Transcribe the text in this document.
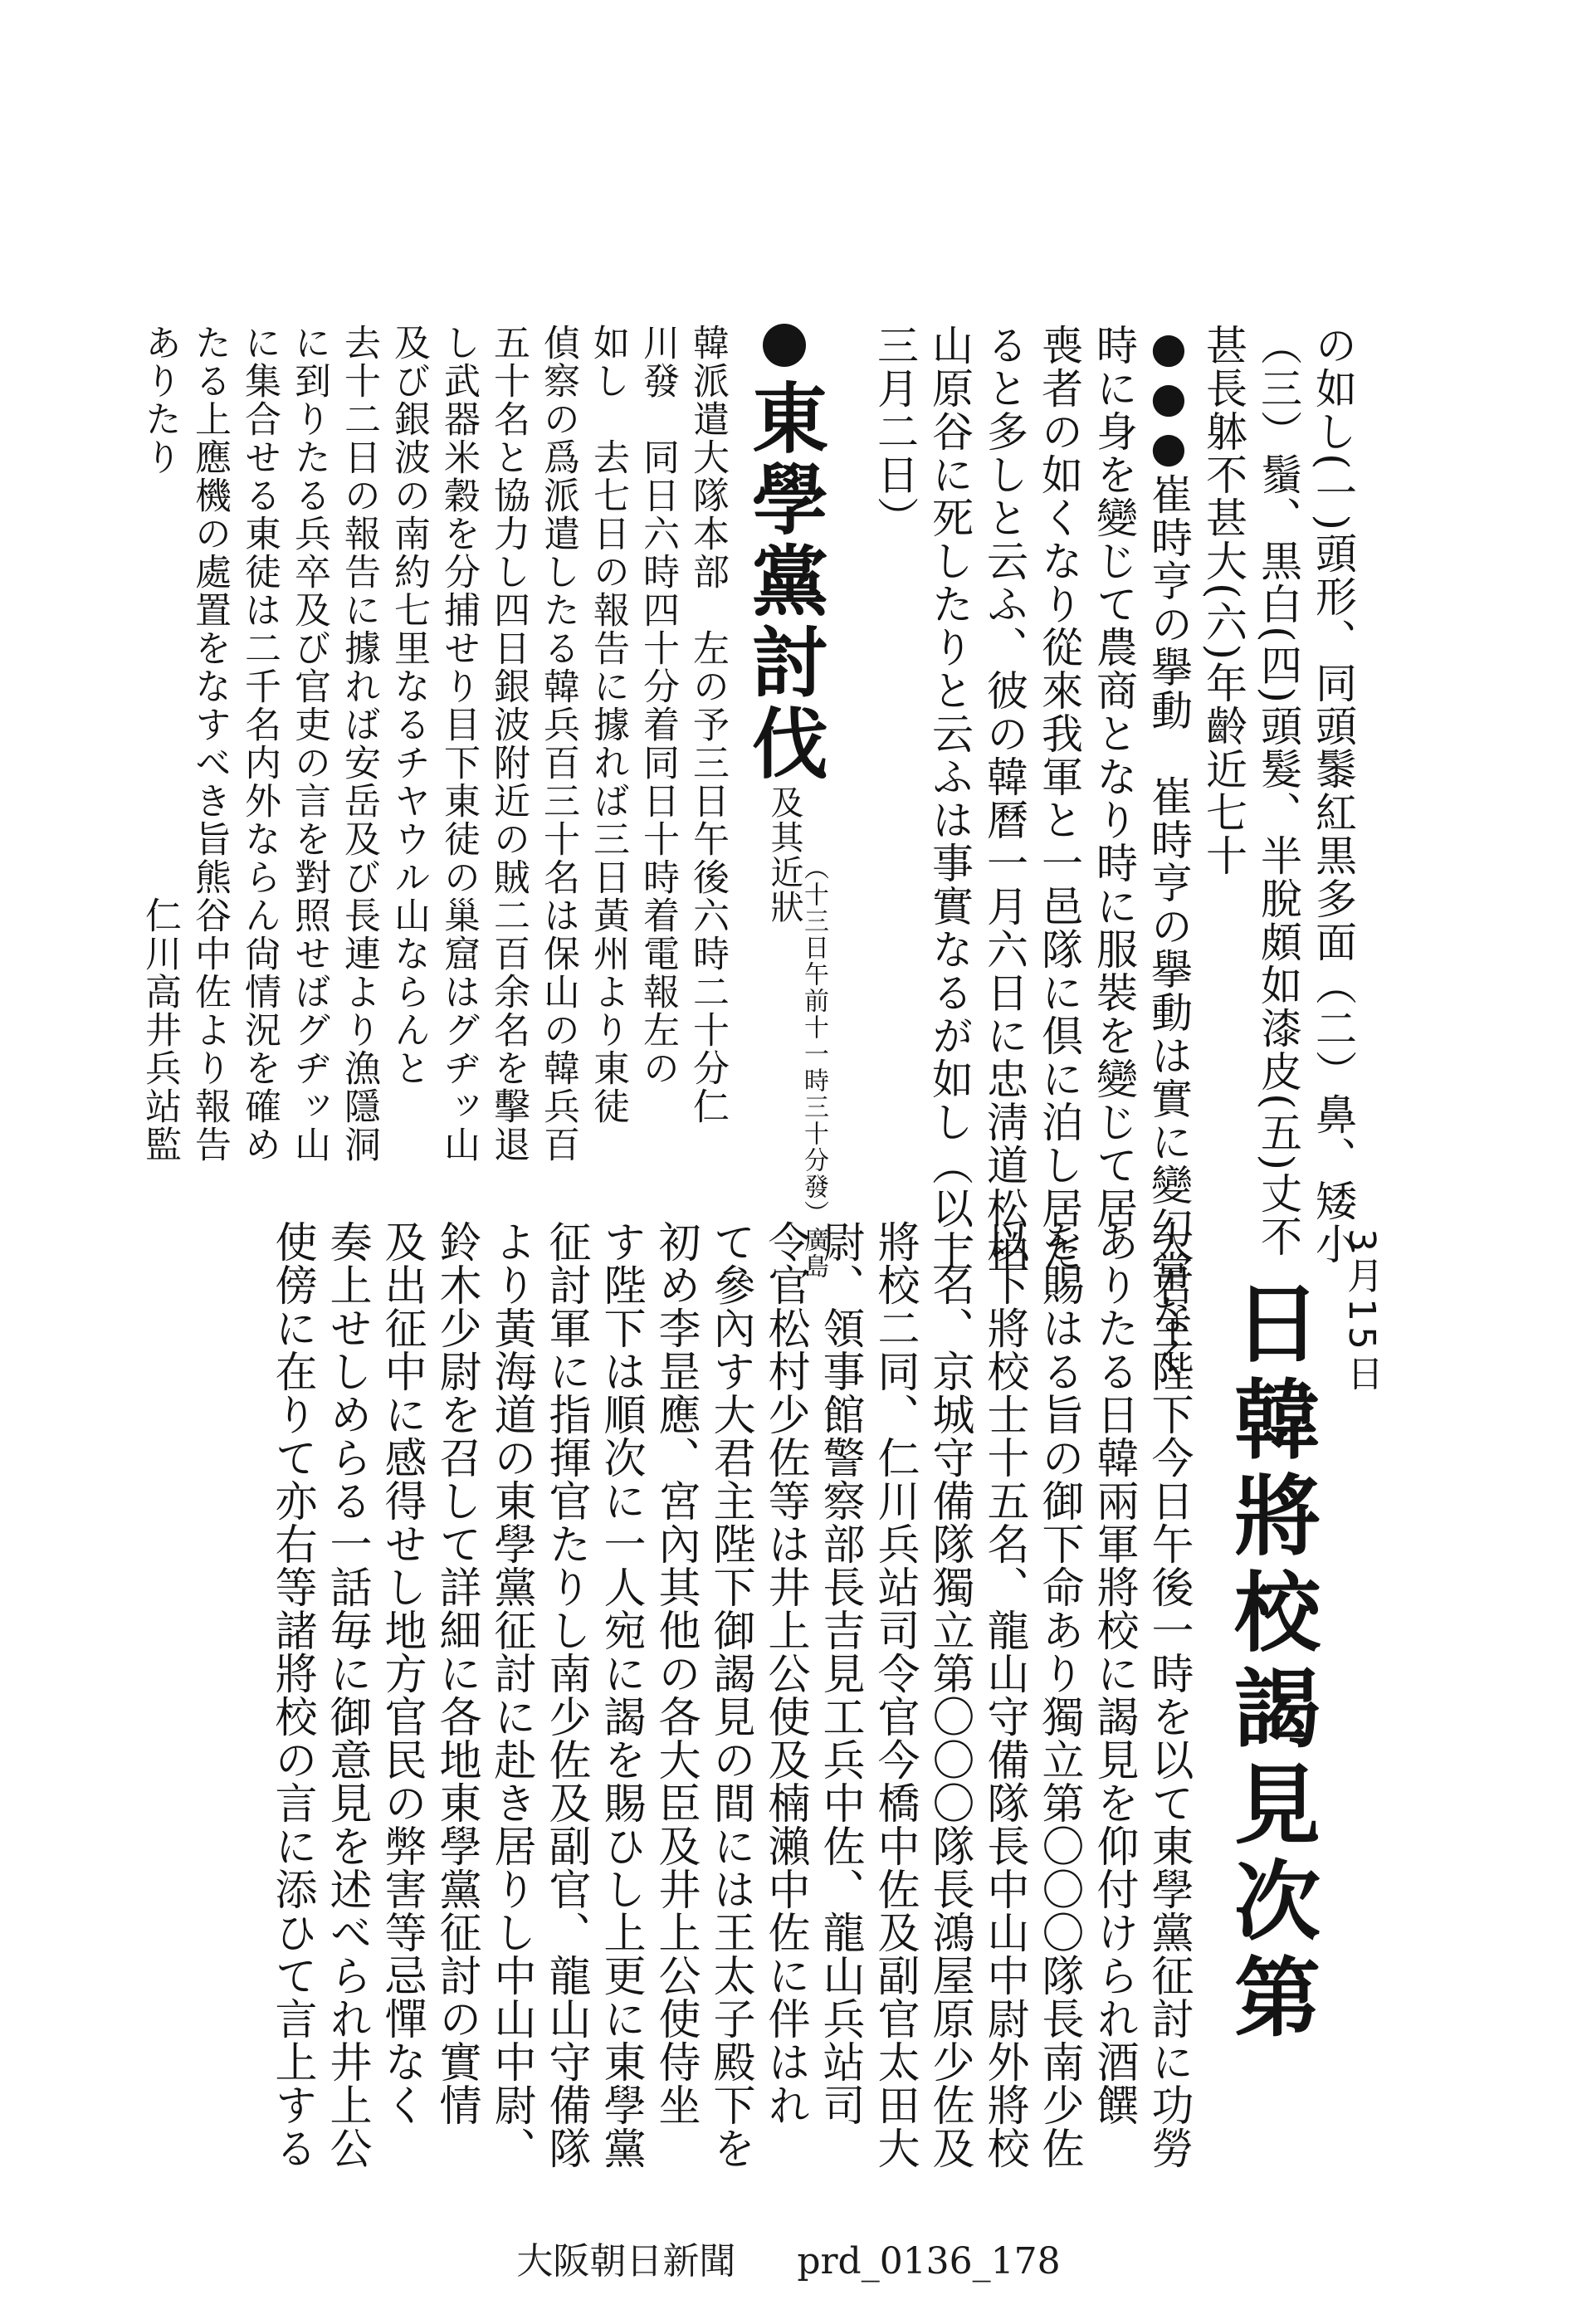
の如し(一)頭形、同頭䰍紅黒多面（二）鼻、矮小
（三）鬚、黒白(四)頭髮、半脫頗如漆皮(五)丈不
甚長躰不甚大(六)年齡近七十
●●●崔時亨の擧動　崔時亨の擧動は實に變幻常なく
時に身を變じて農商となり時に服裝を變じて居
喪者の如くなり從來我軍と一邑隊に倶に泊し居た
ると多しと云ふ、彼の韓曆一月六日に忠淸道松柏
山原谷に死したりと云ふは事實なるが如し（以上
三月二日）

東學黨討伐及其近狀
（十三日午前十一時三十分發）廣島

韓派遣大隊本部　左の予三日午後六時二十分仁
川發　同日六時四十分着同日十時着電報左の
如し　去七日の報告に據れば三日黃州より東徒
偵察の爲派遣したる韓兵百三十名は保山の韓兵百
五十名と協力し四日銀波附近の賊二百余名を擊退
し武器米穀を分捕せり目下東徒の巢窟はグヂッ山
及び銀波の南約七里なるチヤウル山ならんと
去十二日の報告に據れば安岳及び長連より漁隱洞
に到りたる兵卒及び官吏の言を對照せばグヂッ山
に集合せる東徒は二千名内外ならん尙情況を確め
たる上應機の處置をなすべき旨熊谷中佐より報告
ありたり　　　　　　　　　　　仁川高井兵站監

3月15日
日韓將校謁見次第

大君主陛下今日午後一時を以て東學黨征討に功勞
ありたる日韓兩軍將校に謁見を仰付けられ酒饌
を賜はる旨の御下命あり獨立第〇〇〇隊長南少佐
以下將校士十五名、龍山守備隊長中山中尉外將校
一名、京城守備隊獨立第〇〇〇隊長鴻屋原少佐及
將校二同、仁川兵站司令官今橋中佐及副官太田大
尉、領事館警察部長吉見工兵中佐、龍山兵站司
令官松村少佐等は井上公使及楠瀨中佐に伴はれ
て參內す大君主陛下御謁見の間には王太子殿下を
初め李昰應、宮內其他の各大臣及井上公使侍坐
す陛下は順次に一人宛に謁を賜ひし上更に東學黨
征討軍に指揮官たりし南少佐及副官、龍山守備隊
より黃海道の東學黨征討に赴き居りし中山中尉、
鈴木少尉を召して詳細に各地東學黨征討の實情
及出征中に感得せし地方官民の弊害等忌憚なく
奏上せしめらる一話毎に御意見を述べられ井上公
使傍に在りて亦右等諸將校の言に添ひて言上する

大阪朝日新聞 prd_0136_178
